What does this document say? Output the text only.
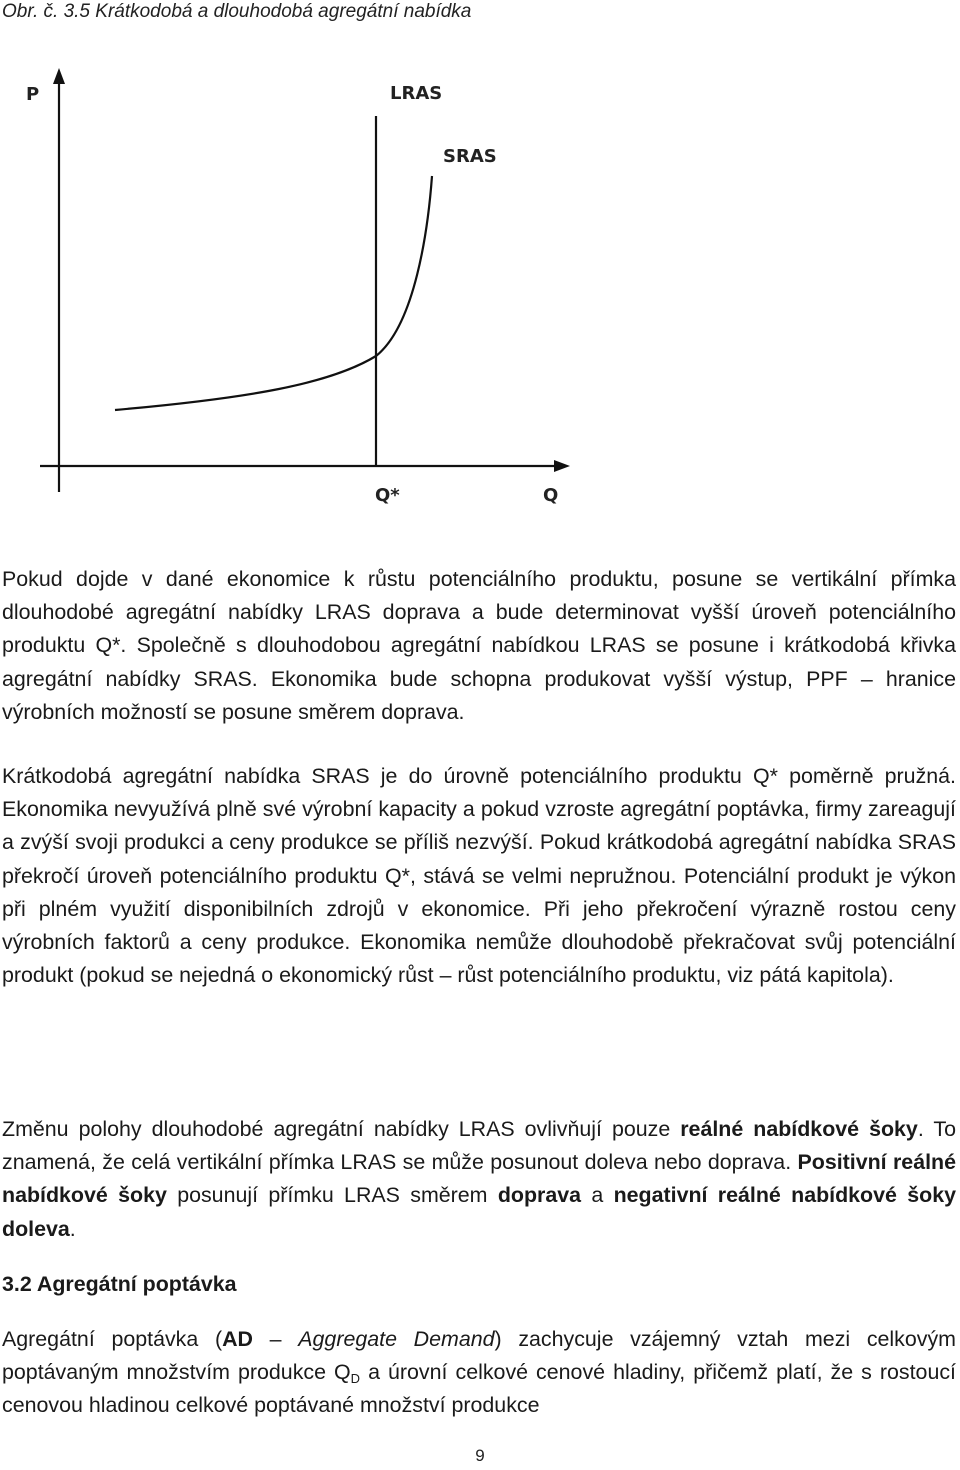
Obr. č. 3.5 Krátkodobá a dlouhodobá agregátní nabídka
P	LRAS
SRAS
Q*	Q
Pokud dojde v dané ekonomice k růstu potenciálního produktu, posune se vertikální přímka dlouhodobé agregátní nabídky LRAS doprava a bude determinovat vyšší úroveň potenciálního produktu Q*. Společně s dlouhodobou agregátní nabídkou LRAS se posune i krátkodobá křivka agregátní nabídky SRAS. Ekonomika bude schopna produkovat vyšší výstup, PPF – hranice výrobních možností se posune směrem doprava.
Krátkodobá agregátní nabídka SRAS je do úrovně potenciálního produktu Q* poměrně pružná. Ekonomika nevyužívá plně své výrobní kapacity a pokud vzroste agregátní poptávka, firmy zareagují a zvýší svoji produkci a ceny produkce se příliš nezvýší. Pokud krátkodobá agregátní nabídka SRAS překročí úroveň potenciálního produktu Q*, stává se velmi nepružnou. Potenciální produkt je výkon při plném využití disponibilních zdrojů v ekonomice. Při jeho překročení výrazně rostou ceny výrobních faktorů a ceny produkce. Ekonomika nemůže dlouhodobě překračovat svůj potenciální produkt (pokud se nejedná o ekonomický růst – růst potenciálního produktu, viz pátá kapitola).
Změnu polohy dlouhodobé agregátní nabídky LRAS ovlivňují pouze reálné nabídkové šoky. To znamená, že celá vertikální přímka LRAS se může posunout doleva nebo doprava. Positivní reálné nabídkové šoky posunují přímku LRAS směrem doprava a negativní reálné nabídkové šoky doleva.
3.2 Agregátní poptávka
Agregátní poptávka (AD – Aggregate Demand) zachycuje vzájemný vztah mezi celkovým poptávaným množstvím produkce $Q_D$ a úrovní celkové cenové hladiny, přičemž platí, že s rostoucí cenovou hladinou celkové poptávané množství produkce
9
